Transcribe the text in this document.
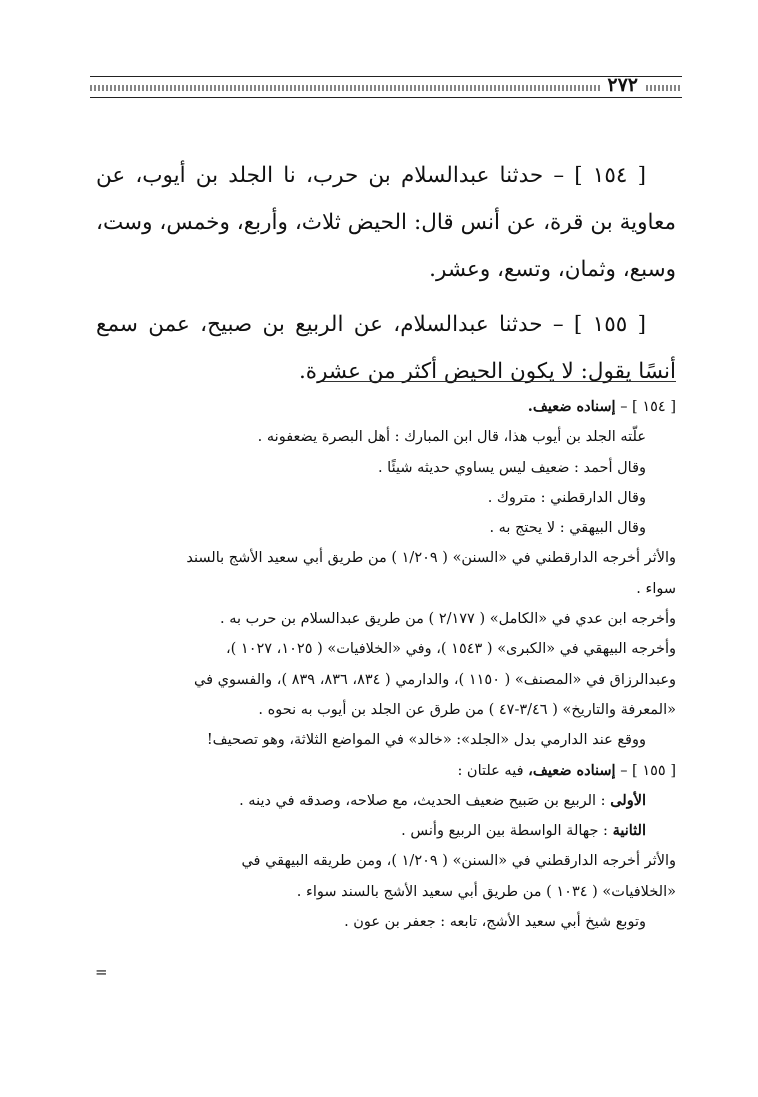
٢٧٢

[ ١٥٤ ] – حدثنا عبدالسلام بن حرب، نا الجلد بن أيوب، عن معاوية بن قرة، عن أنس قال: الحيض ثلاث، وأربع، وخمس، وست، وسبع، وثمان، وتسع، وعشر.

[ ١٥٥ ] – حدثنا عبدالسلام، عن الربيع بن صبيح، عمن سمع أنسًا يقول: لا يكون الحيض أكثر من عشرة.

[ ١٥٤ ] – إسناده ضعيف.
علّته الجلد بن أيوب هذا، قال ابن المبارك : أهل البصرة يضعفونه .
وقال أحمد : ضعيف ليس يساوي حديثه شيئًا .
وقال الدارقطني : متروك .
وقال البيهقي : لا يحتج به .
والأثر أخرجه الدارقطني في «السنن» ( ١/٢٠٩ ) من طريق أبي سعيد الأشج بالسند
سواء .
وأخرجه ابن عدي في «الكامل» ( ٢/١٧٧ ) من طريق عبدالسلام بن حرب به .
وأخرجه البيهقي في «الكبرى» ( ١٥٤٣ )، وفي «الخلافيات» ( ١٠٢٥، ١٠٢٧ )،
وعبدالرزاق في «المصنف» ( ١١٥٠ )، والدارمي ( ٨٣٤، ٨٣٦، ٨٣٩ )، والفسوي في
«المعرفة والتاريخ» ( ٣/٤٦-٤٧ ) من طرق عن الجلد بن أيوب به نحوه .
ووقع عند الدارمي بدل «الجلد»: «خالد» في المواضع الثلاثة، وهو تصحيف!
[ ١٥٥ ] – إسناده ضعيف، فيه علتان :
الأولى : الربيع بن صَبيح ضعيف الحديث، مع صلاحه، وصدقه في دينه .
الثانية : جهالة الواسطة بين الربيع وأنس .
والأثر أخرجه الدارقطني في «السنن» ( ١/٢٠٩ )، ومن طريقه البيهقي في
«الخلافيات» ( ١٠٣٤ ) من طريق أبي سعيد الأشج بالسند سواء .
وتوبع شيخ أبي سعيد الأشج، تابعه : جعفر بن عون .
=
